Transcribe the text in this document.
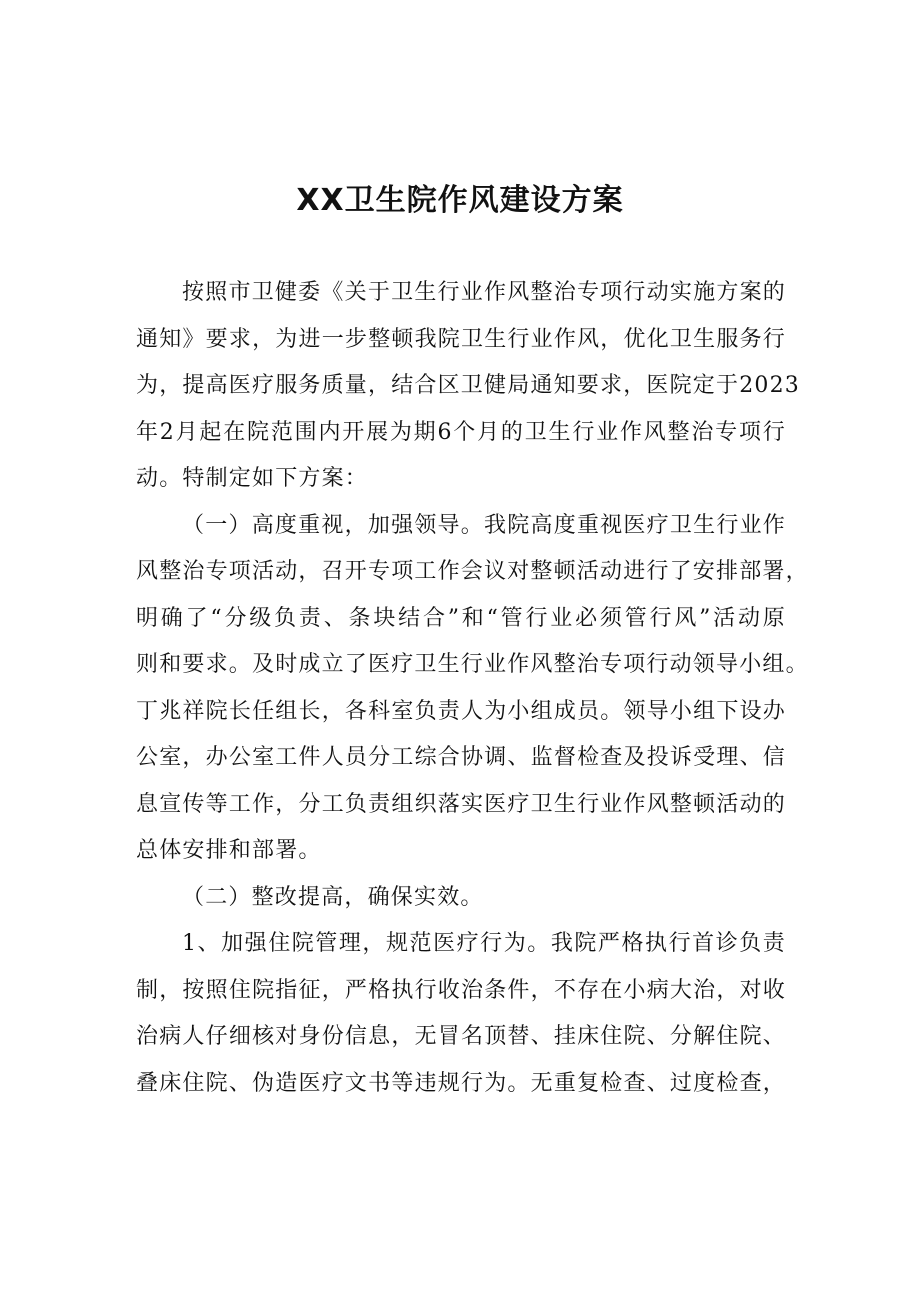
XX卫生院作风建设方案
按照市卫健委《关于卫生行业作风整治专项行动实施方案的
通知》要求，为进一步整顿我院卫生行业作风，优化卫生服务行
为，提高医疗服务质量，结合区卫健局通知要求，医院定于2023
年2月起在院范围内开展为期6个月的卫生行业作风整治专项行
动。特制定如下方案：
（一）高度重视，加强领导。我院高度重视医疗卫生行业作
风整治专项活动，召开专项工作会议对整顿活动进行了安排部署，
明确了“分级负责、条块结合”和“管行业必须管行风”活动原
则和要求。及时成立了医疗卫生行业作风整治专项行动领导小组。
丁兆祥院长任组长，各科室负责人为小组成员。领导小组下设办
公室，办公室工件人员分工综合协调、监督检查及投诉受理、信
息宣传等工作，分工负责组织落实医疗卫生行业作风整顿活动的
总体安排和部署。
（二）整改提高，确保实效。
1、加强住院管理，规范医疗行为。我院严格执行首诊负责
制，按照住院指征，严格执行收治条件，不存在小病大治，对收
治病人仔细核对身份信息，无冒名顶替、挂床住院、分解住院、
叠床住院、伪造医疗文书等违规行为。无重复检查、过度检查，
